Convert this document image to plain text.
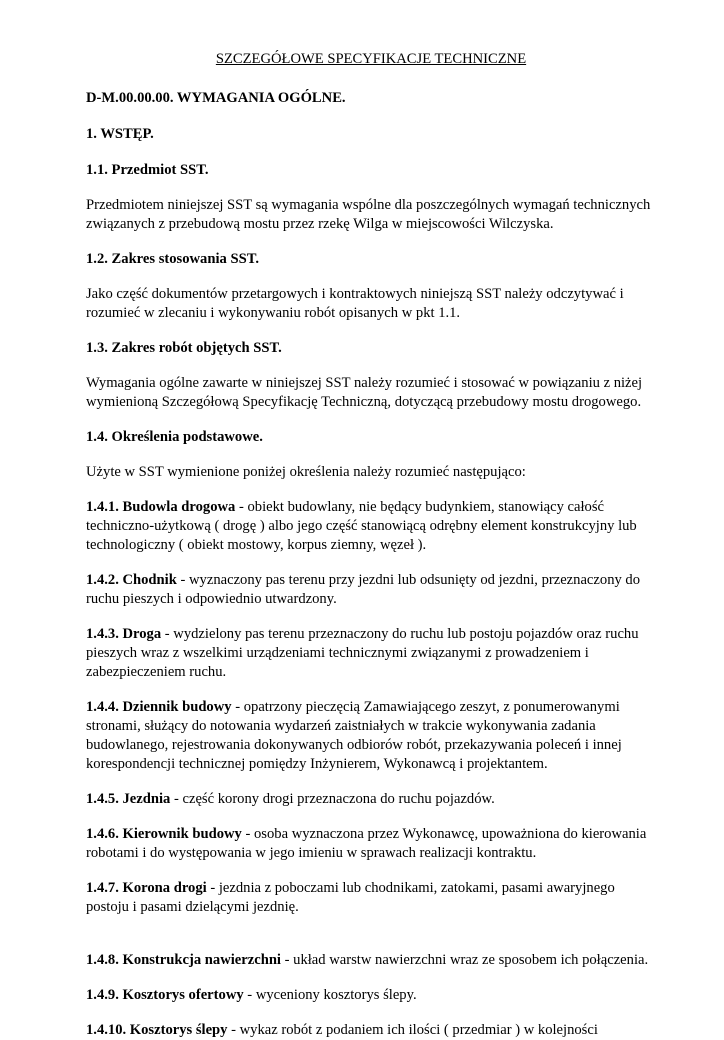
SZCZEGÓŁOWE SPECYFIKACJE TECHNICZNE

D-M.00.00.00. WYMAGANIA OGÓLNE.

1. WSTĘP.

1.1. Przedmiot SST.

Przedmiotem niniejszej SST są wymagania wspólne dla poszczególnych wymagań technicznych związanych z przebudową mostu przez rzekę Wilga w miejscowości Wilczyska.

1.2. Zakres stosowania SST.

Jako część dokumentów przetargowych i kontraktowych niniejszą SST należy odczytywać i rozumieć w zlecaniu i wykonywaniu robót opisanych w pkt 1.1.

1.3. Zakres robót objętych SST.

Wymagania ogólne zawarte w niniejszej SST należy rozumieć i stosować w powiązaniu z niżej wymienioną Szczegółową Specyfikację Techniczną, dotyczącą przebudowy mostu drogowego.

1.4. Określenia podstawowe.

Użyte w SST wymienione poniżej określenia należy rozumieć następująco:

1.4.1. Budowla drogowa - obiekt budowlany, nie będący budynkiem, stanowiący całość techniczno-użytkową ( drogę ) albo jego część stanowiącą odrębny element konstrukcyjny lub technologiczny ( obiekt mostowy, korpus ziemny, węzeł ).

1.4.2. Chodnik - wyznaczony pas terenu przy jezdni lub odsunięty od jezdni, przeznaczony do ruchu pieszych i odpowiednio utwardzony.

1.4.3. Droga - wydzielony pas terenu przeznaczony do ruchu lub postoju pojazdów oraz ruchu pieszych wraz z wszelkimi urządzeniami technicznymi związanymi z prowadzeniem i zabezpieczeniem ruchu.

1.4.4. Dziennik budowy - opatrzony pieczęcią Zamawiającego zeszyt, z ponumerowanymi stronami, służący do notowania wydarzeń zaistniałych w trakcie wykonywania zadania budowlanego, rejestrowania dokonywanych odbiorów robót, przekazywania poleceń i innej korespondencji technicznej pomiędzy Inżynierem, Wykonawcą i projektantem.

1.4.5. Jezdnia - część korony drogi przeznaczona do ruchu pojazdów.

1.4.6. Kierownik budowy - osoba wyznaczona przez Wykonawcę, upoważniona do kierowania robotami i do występowania w jego imieniu w sprawach realizacji kontraktu.

1.4.7. Korona drogi - jezdnia z poboczami lub chodnikami, zatokami, pasami awaryjnego postoju i pasami dzielącymi jezdnię.

1.4.8. Konstrukcja nawierzchni - układ warstw nawierzchni wraz ze sposobem ich połączenia.

1.4.9. Kosztorys ofertowy - wyceniony kosztorys ślepy.

1.4.10. Kosztorys ślepy - wykaz robót z podaniem ich ilości ( przedmiar ) w kolejności
